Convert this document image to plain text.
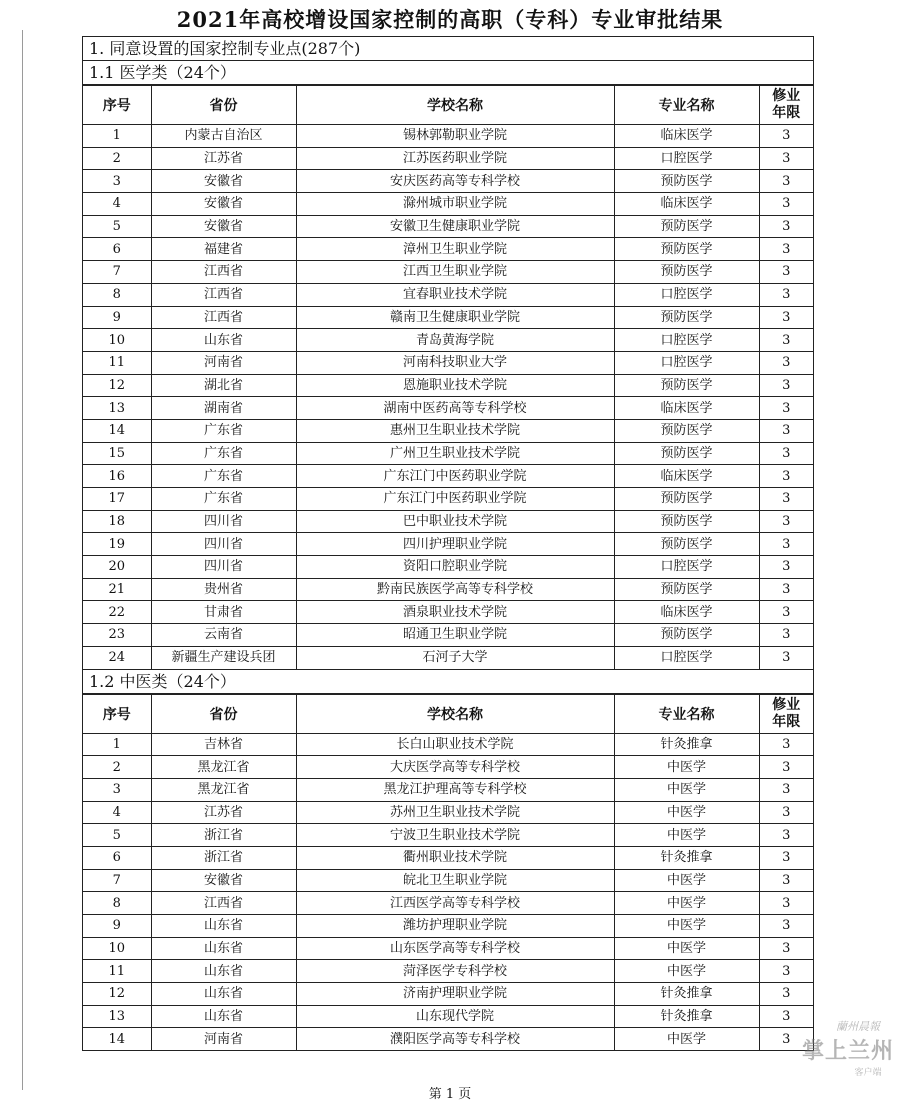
2021年高校增设国家控制的高职（专科）专业审批结果
1. 同意设置的国家控制专业点(287个)
1.1 医学类（24个）
序号	省份	学校名称	专业名称	修业年限
1	内蒙古自治区	锡林郭勒职业学院	临床医学	3
2	江苏省	江苏医药职业学院	口腔医学	3
3	安徽省	安庆医药高等专科学校	预防医学	3
4	安徽省	滁州城市职业学院	临床医学	3
5	安徽省	安徽卫生健康职业学院	预防医学	3
6	福建省	漳州卫生职业学院	预防医学	3
7	江西省	江西卫生职业学院	预防医学	3
8	江西省	宜春职业技术学院	口腔医学	3
9	江西省	赣南卫生健康职业学院	预防医学	3
10	山东省	青岛黄海学院	口腔医学	3
11	河南省	河南科技职业大学	口腔医学	3
12	湖北省	恩施职业技术学院	预防医学	3
13	湖南省	湖南中医药高等专科学校	临床医学	3
14	广东省	惠州卫生职业技术学院	预防医学	3
15	广东省	广州卫生职业技术学院	预防医学	3
16	广东省	广东江门中医药职业学院	临床医学	3
17	广东省	广东江门中医药职业学院	预防医学	3
18	四川省	巴中职业技术学院	预防医学	3
19	四川省	四川护理职业学院	预防医学	3
20	四川省	资阳口腔职业学院	口腔医学	3
21	贵州省	黔南民族医学高等专科学校	预防医学	3
22	甘肃省	酒泉职业技术学院	临床医学	3
23	云南省	昭通卫生职业学院	预防医学	3
24	新疆生产建设兵团	石河子大学	口腔医学	3
1.2 中医类（24个）
序号	省份	学校名称	专业名称	修业年限
1	吉林省	长白山职业技术学院	针灸推拿	3
2	黑龙江省	大庆医学高等专科学校	中医学	3
3	黑龙江省	黑龙江护理高等专科学校	中医学	3
4	江苏省	苏州卫生职业技术学院	中医学	3
5	浙江省	宁波卫生职业技术学院	中医学	3
6	浙江省	衢州职业技术学院	针灸推拿	3
7	安徽省	皖北卫生职业学院	中医学	3
8	江西省	江西医学高等专科学校	中医学	3
9	山东省	潍坊护理职业学院	中医学	3
10	山东省	山东医学高等专科学校	中医学	3
11	山东省	菏泽医学专科学校	中医学	3
12	山东省	济南护理职业学院	针灸推拿	3
13	山东省	山东现代学院	针灸推拿	3
14	河南省	濮阳医学高等专科学校	中医学	3
第 1 页
蘭州晨報
掌上兰州
客户端
